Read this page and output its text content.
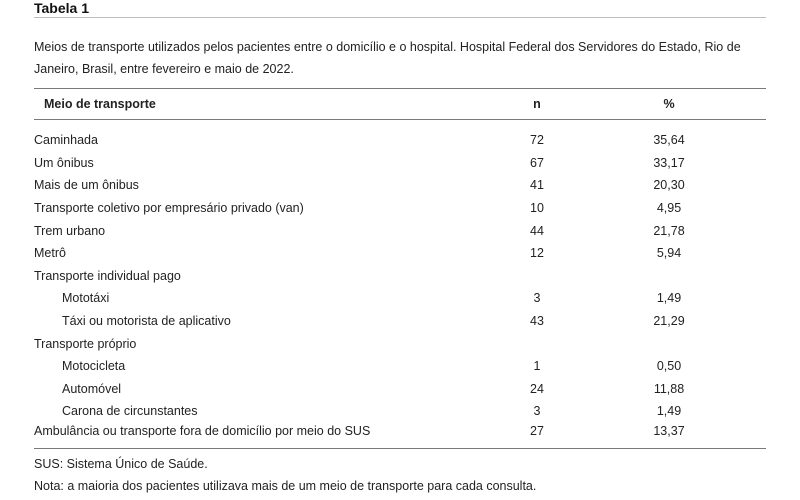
Tabela 1
Meios de transporte utilizados pelos pacientes entre o domicílio e o hospital. Hospital Federal dos Servidores do Estado, Rio de Janeiro, Brasil, entre fevereiro e maio de 2022.
Meio de transporte	n	%

Caminhada	72	35,64
Um ônibus	67	33,17
Mais de um ônibus	41	20,30
Transporte coletivo por empresário privado (van)	10	4,95
Trem urbano	44	21,78
Metrô	12	5,94
Transporte individual pago		
Mototáxi	3	1,49
Táxi ou motorista de aplicativo	43	21,29
Transporte próprio		
Motocicleta	1	0,50
Automóvel	24	11,88
Carona de circunstantes	3	1,49
Ambulância ou transporte fora de domicílio por meio do SUS	27	13,37
SUS: Sistema Único de Saúde.
Nota: a maioria dos pacientes utilizava mais de um meio de transporte para cada consulta.
